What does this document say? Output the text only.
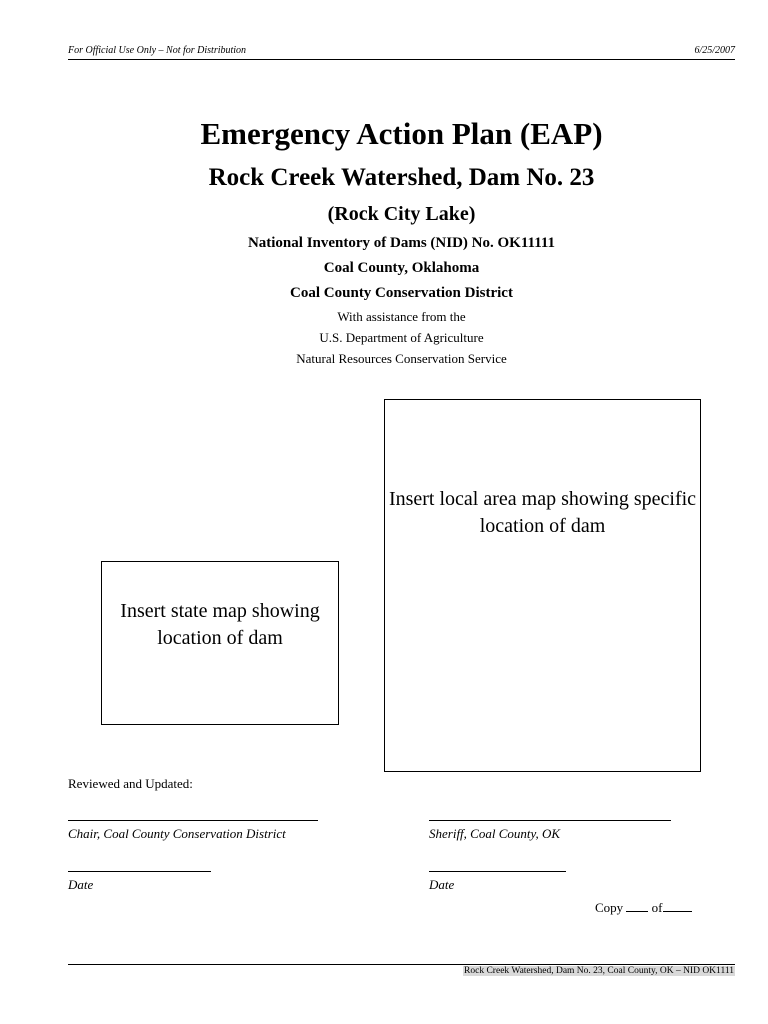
For Official Use Only – Not for Distribution	6/25/2007
Emergency Action Plan (EAP)
Rock Creek Watershed, Dam No. 23
(Rock City Lake)
National Inventory of Dams (NID) No. OK11111
Coal County, Oklahoma
Coal County Conservation District
With assistance from the
U.S. Department of Agriculture
Natural Resources Conservation Service
Insert local area map showing specific location of dam
Insert state map showing location of dam
Reviewed and Updated:
Chair, Coal County Conservation District	Sheriff, Coal County, OK
Date	Date
Copy of
Rock Creek Watershed, Dam No. 23, Coal County, OK – NID OK1111
